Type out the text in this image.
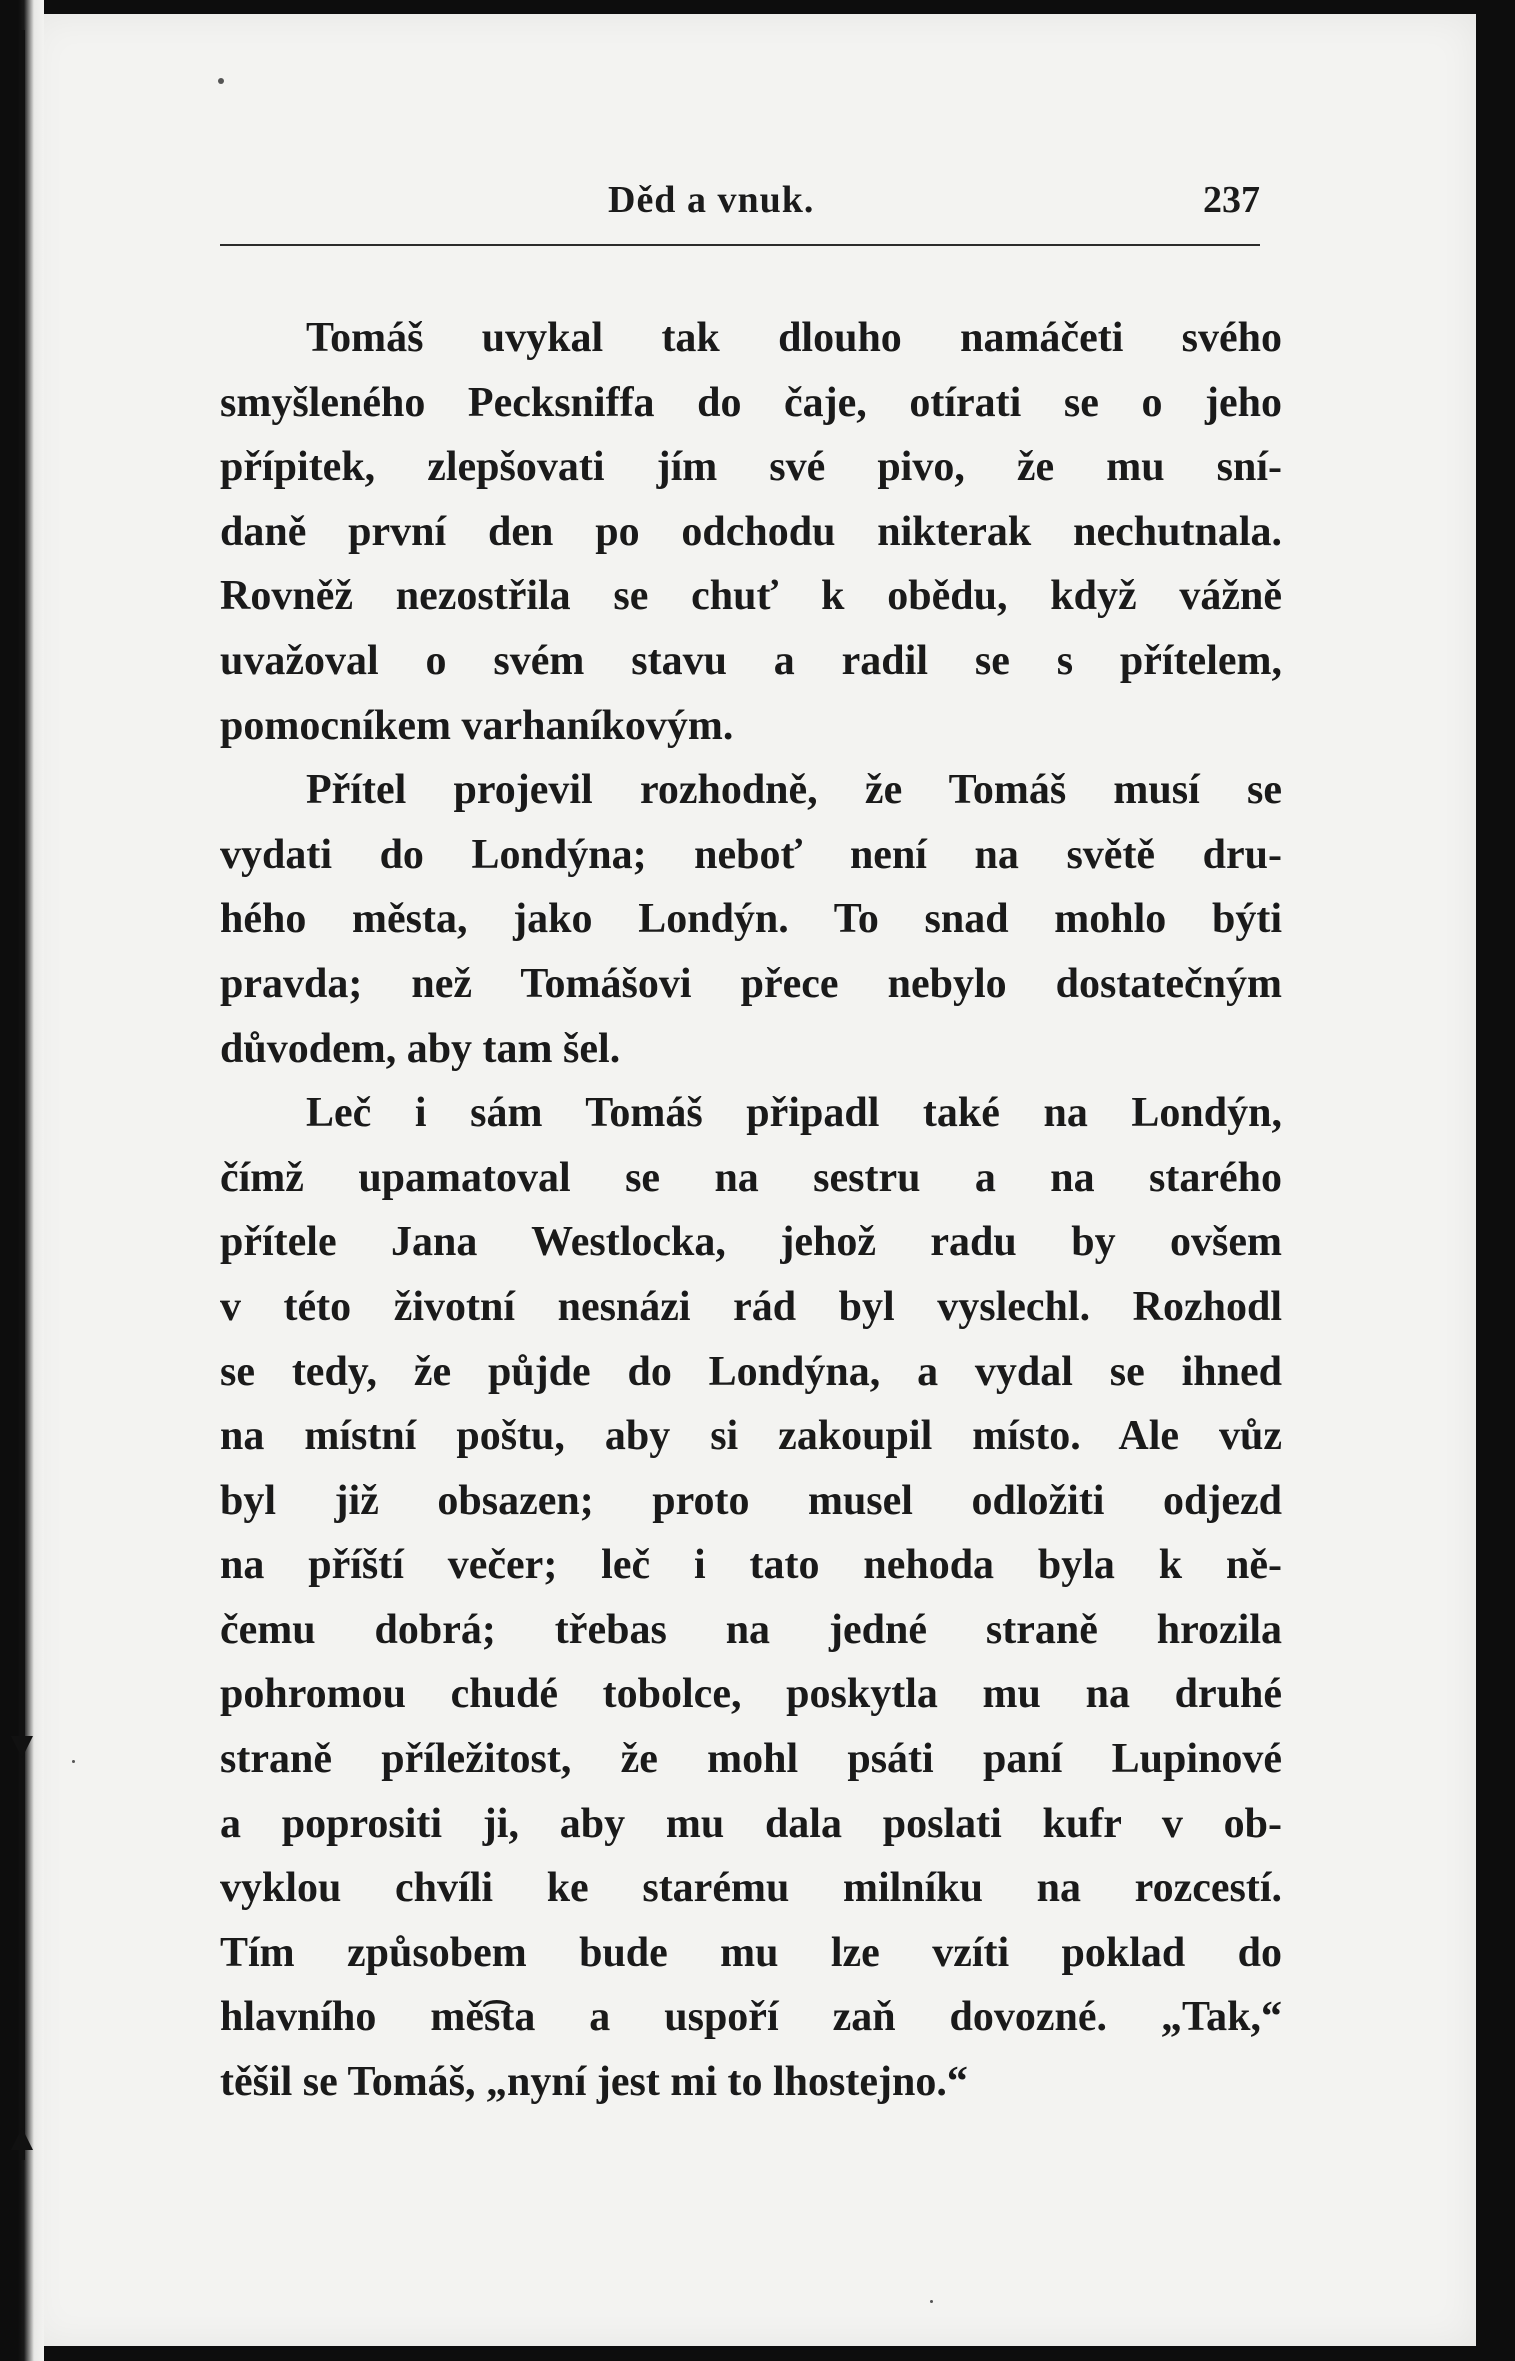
Děd a vnuk.	237
Tomáš uvykal tak dlouho namáčeti svého
smyšleného Pecksniffa do čaje, otírati se o jeho
přípitek, zlepšovati jím své pivo, že mu sní-
daně první den po odchodu nikterak nechutnala.
Rovněž nezostřila se chuť k obědu, když vážně
uvažoval o svém stavu a radil se s přítelem,
pomocníkem varhaníkovým.
Přítel projevil rozhodně, že Tomáš musí se
vydati do Londýna; neboť není na světě dru-
hého města, jako Londýn. To snad mohlo býti
pravda; než Tomášovi přece nebylo dostatečným
důvodem, aby tam šel.
Leč i sám Tomáš připadl také na Londýn,
čímž upamatoval se na sestru a na starého
přítele Jana Westlocka, jehož radu by ovšem
v této životní nesnázi rád byl vyslechl. Rozhodl
se tedy, že půjde do Londýna, a vydal se ihned
na místní poštu, aby si zakoupil místo. Ale vůz
byl již obsazen; proto musel odložiti odjezd
na příští večer; leč i tato nehoda byla k ně-
čemu dobrá; třebas na jedné straně hrozila
pohromou chudé tobolce, poskytla mu na druhé
straně příležitost, že mohl psáti paní Lupinové
a poprositi ji, aby mu dala poslati kufr v ob-
vyklou chvíli ke starému milníku na rozcestí.
Tím způsobem bude mu lze vzíti poklad do
hlavního mě͡sta a uspoří zaň dovozné. „Tak,“
těšil se Tomáš, „nyní jest mi to lhostejno.“
